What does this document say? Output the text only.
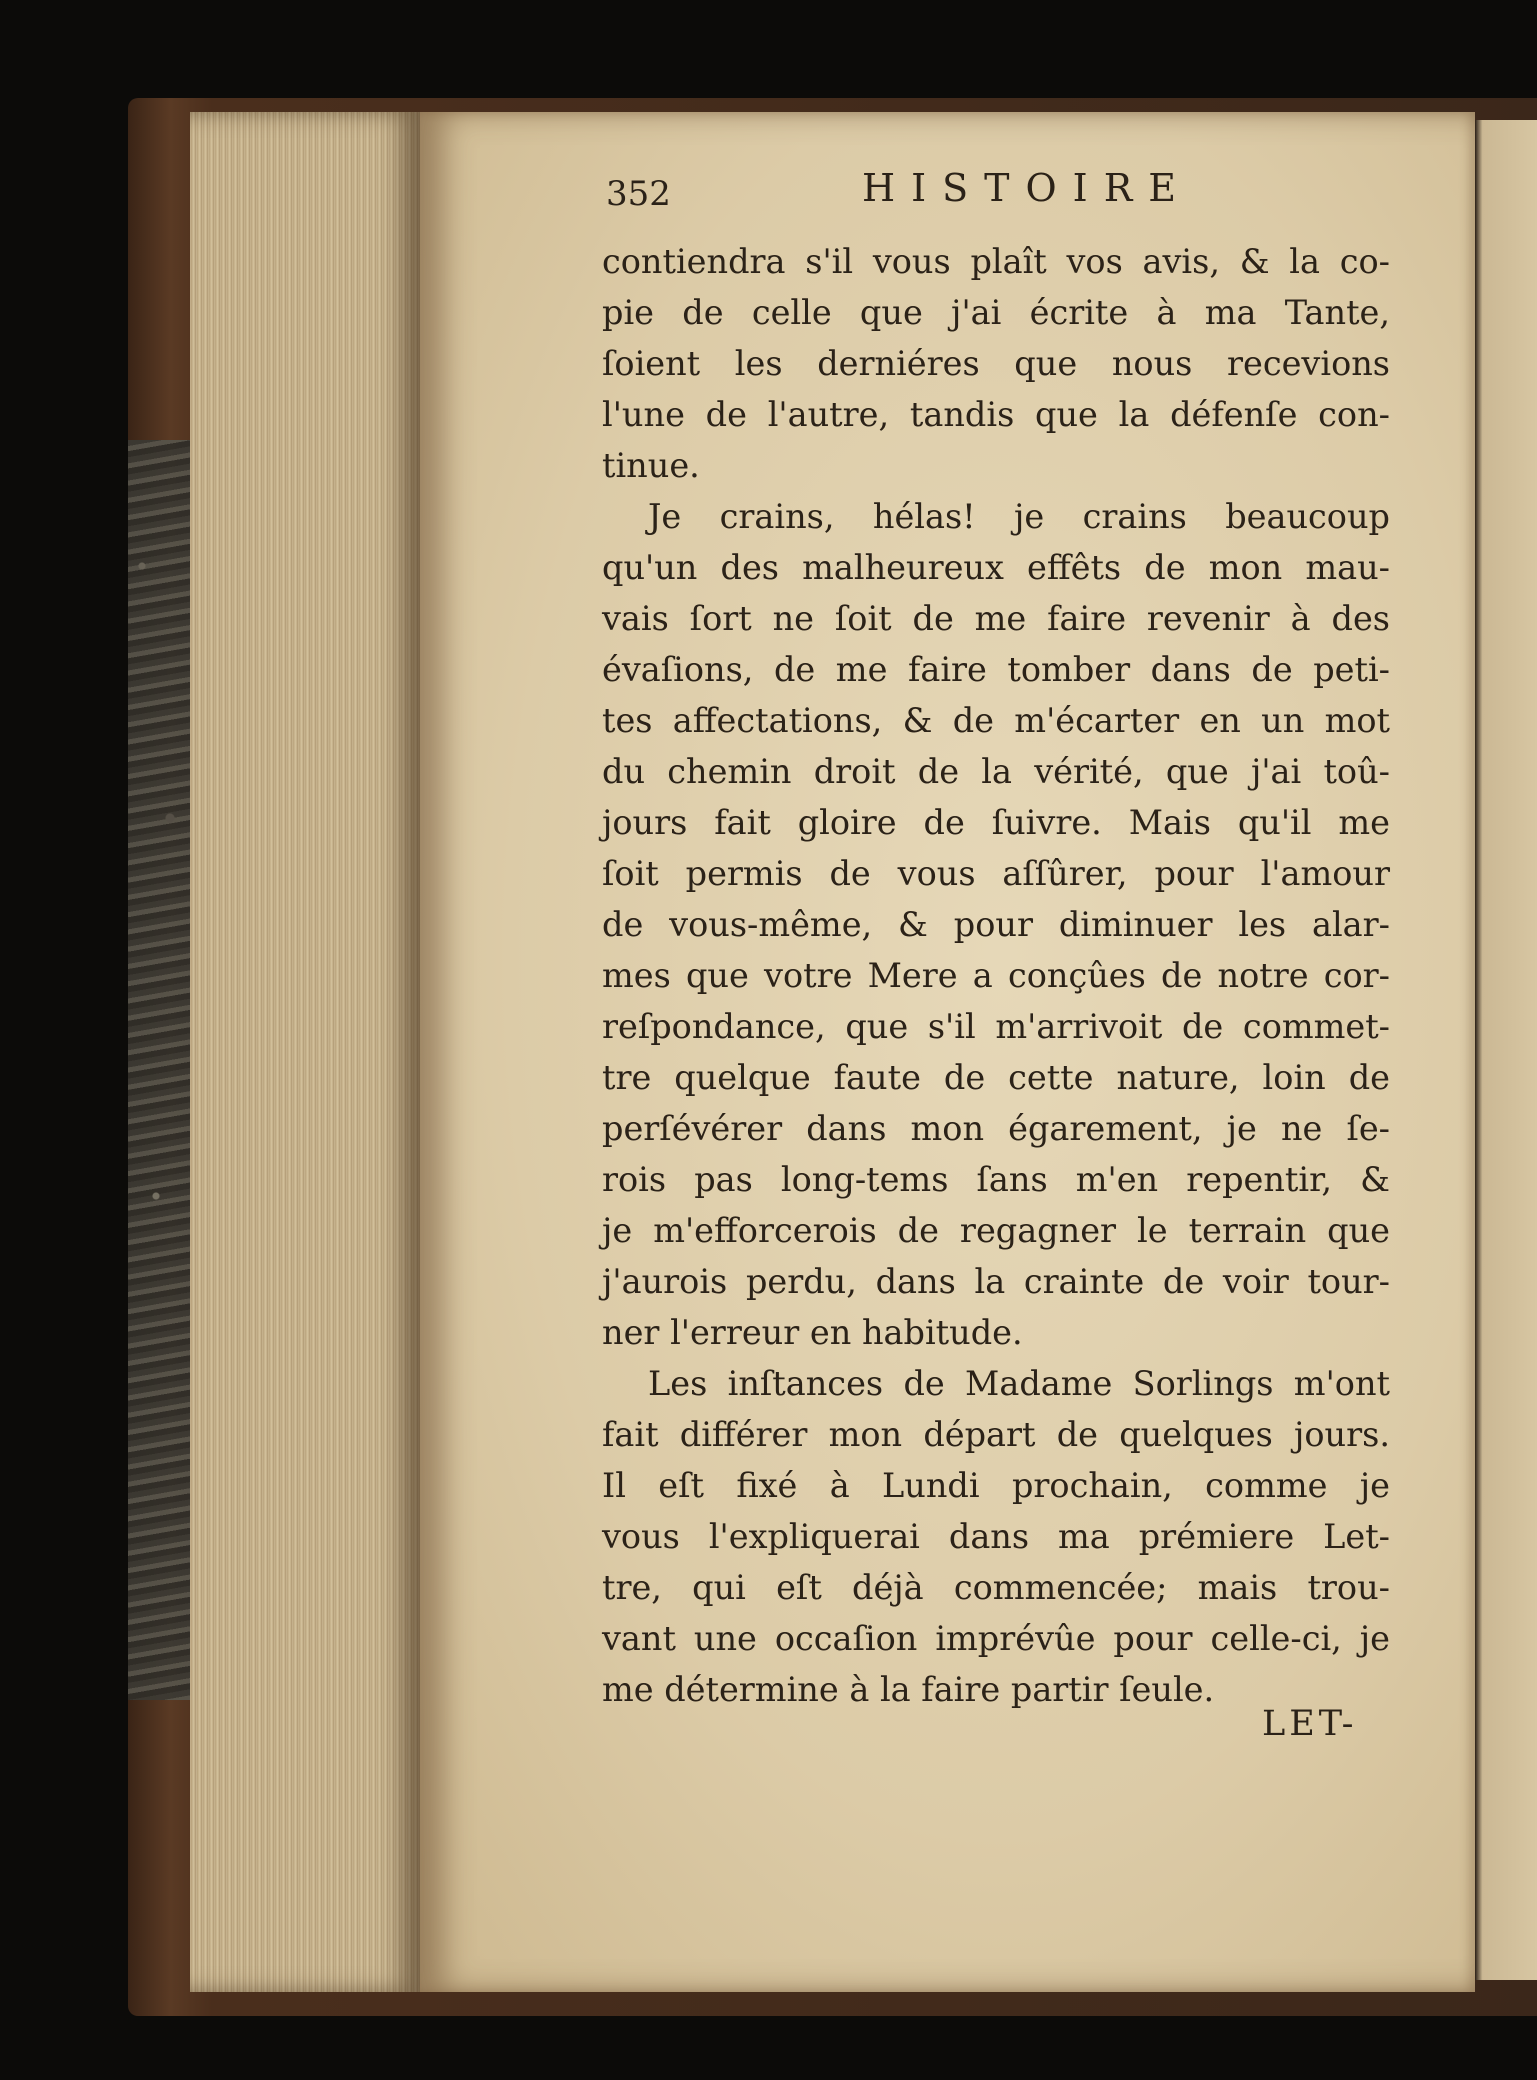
352	HISTOIRE
contiendra s'il vous plaît vos avis, & la co-
pie de celle que j'ai écrite à ma Tante,
ſoient les derniéres que nous recevions
l'une de l'autre, tandis que la défenſe con-
tinue.
Je crains, hélas! je crains beaucoup
qu'un des malheureux effêts de mon mau-
vais ſort ne ſoit de me faire revenir à des
évaſions, de me faire tomber dans de peti-
tes affectations, & de m'écarter en un mot
du chemin droit de la vérité, que j'ai toû-
jours fait gloire de ſuivre. Mais qu'il me
ſoit permis de vous aſſûrer, pour l'amour
de vous-même, & pour diminuer les alar-
mes que votre Mere a conçûes de notre cor-
reſpondance, que s'il m'arrivoit de commet-
tre quelque faute de cette nature, loin de
perſévérer dans mon égarement, je ne ſe-
rois pas long-tems ſans m'en repentir, &
je m'efforcerois de regagner le terrain que
j'aurois perdu, dans la crainte de voir tour-
ner l'erreur en habitude.
Les inſtances de Madame Sorlings m'ont
fait différer mon départ de quelques jours.
Il eſt fixé à Lundi prochain, comme je
vous l'expliquerai dans ma prémiere Let-
tre, qui eſt déjà commencée; mais trou-
vant une occaſion imprévûe pour celle-ci, je
me détermine à la faire partir ſeule.
LET-
